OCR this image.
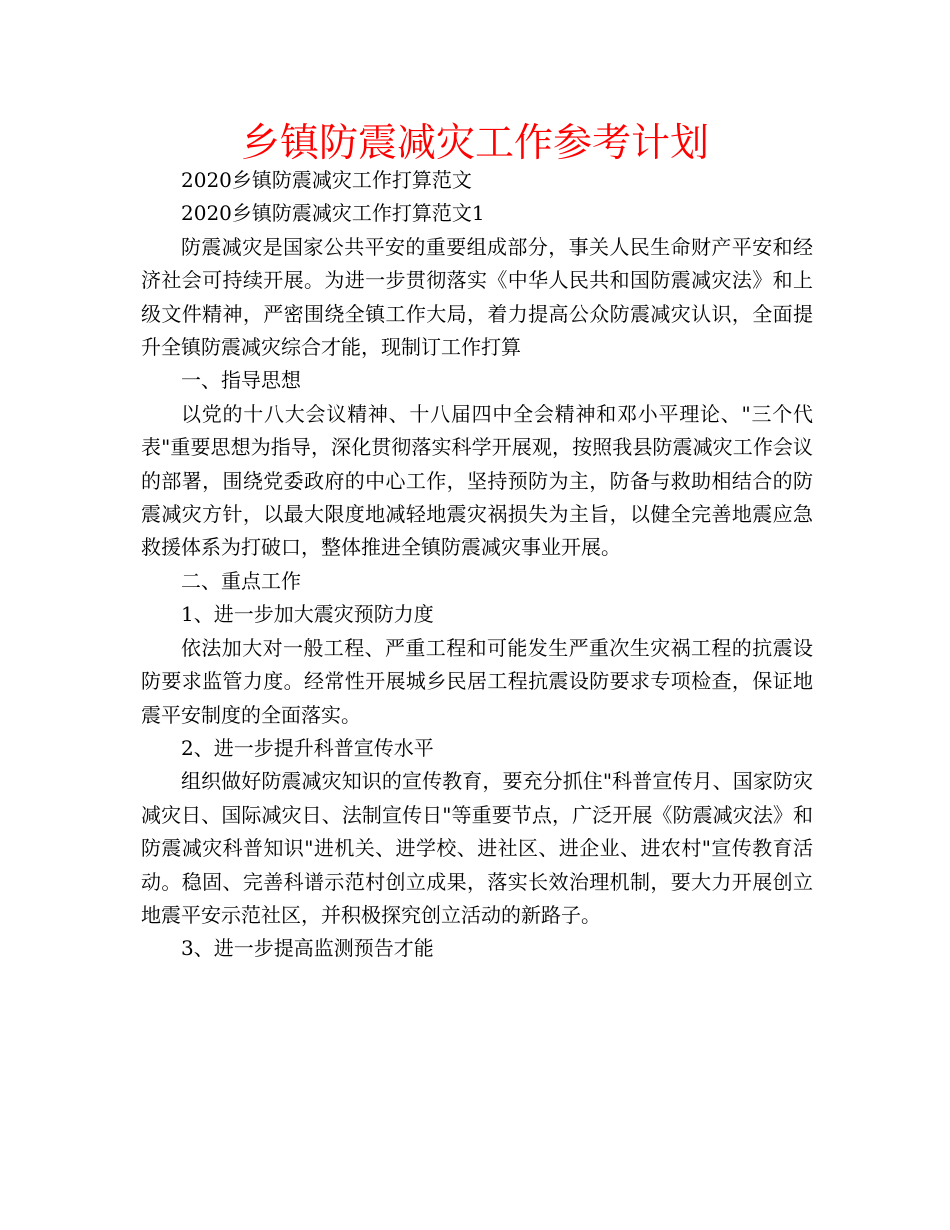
乡镇防震减灾工作参考计划

2020乡镇防震减灾工作打算范文

2020乡镇防震减灾工作打算范文1

防震减灾是国家公共平安的重要组成部分，事关人民生命财产平安和经济社会可持续开展。为进一步贯彻落实《中华人民共和国防震减灾法》和上级文件精神，严密围绕全镇工作大局，着力提高公众防震减灾认识，全面提升全镇防震减灾综合才能，现制订工作打算

一、指导思想

以党的十八大会议精神、十八届四中全会精神和邓小平理论、"三个代表"重要思想为指导，深化贯彻落实科学开展观，按照我县防震减灾工作会议的部署，围绕党委政府的中心工作，坚持预防为主，防备与救助相结合的防震减灾方针，以最大限度地减轻地震灾祸损失为主旨，以健全完善地震应急救援体系为打破口，整体推进全镇防震减灾事业开展。

二、重点工作

1、进一步加大震灾预防力度

依法加大对一般工程、严重工程和可能发生严重次生灾祸工程的抗震设防要求监管力度。经常性开展城乡民居工程抗震设防要求专项检查，保证地震平安制度的全面落实。

2、进一步提升科普宣传水平

组织做好防震减灾知识的宣传教育，要充分抓住"科普宣传月、国家防灾减灾日、国际减灾日、法制宣传日"等重要节点，广泛开展《防震减灾法》和防震减灾科普知识"进机关、进学校、进社区、进企业、进农村"宣传教育活动。稳固、完善科谱示范村创立成果，落实长效治理机制，要大力开展创立地震平安示范社区，并积极探究创立活动的新路子。

3、进一步提高监测预告才能
